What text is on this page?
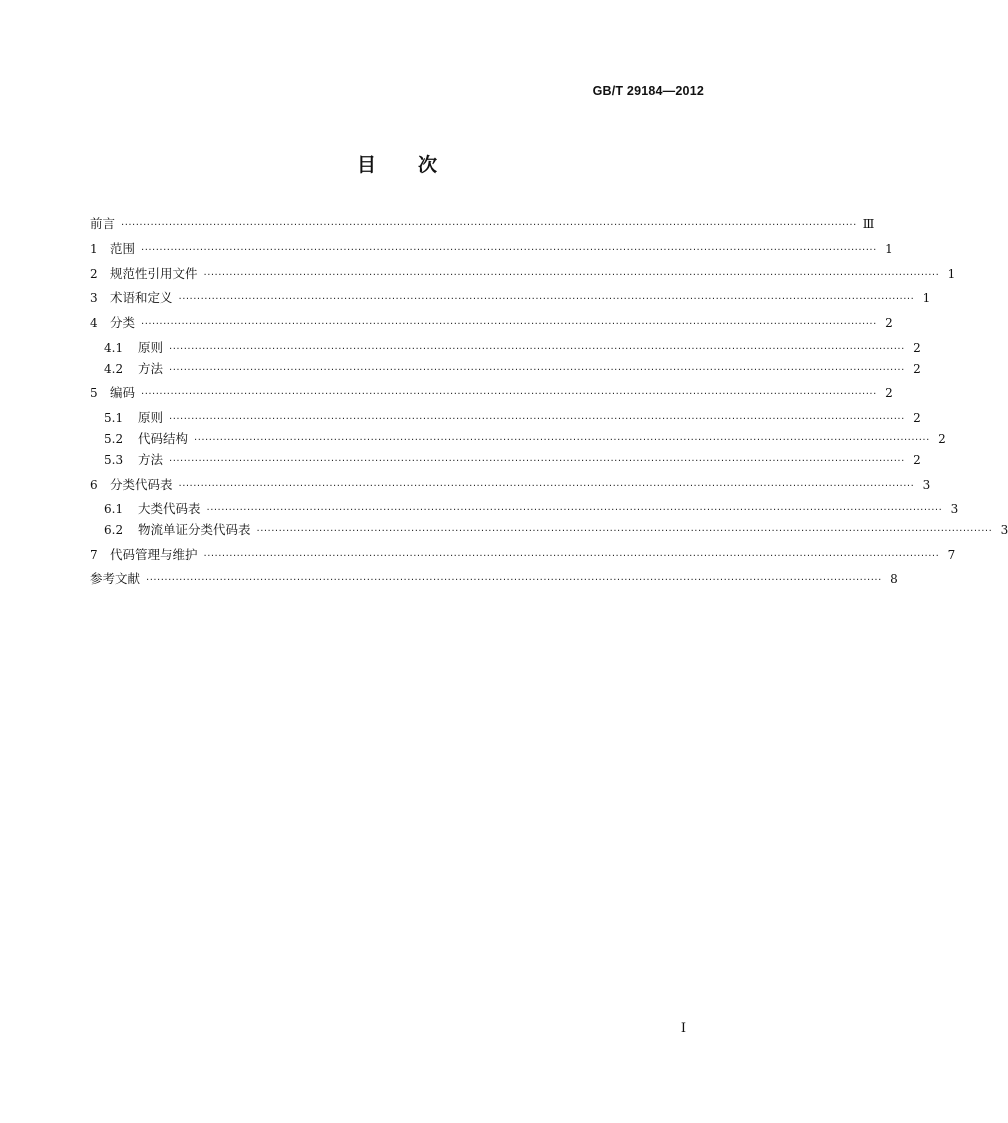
GB/T 29184—2012
目 次
前言 ········································································································································································································ Ⅲ
1 范围 ········································································································································································································ 1
2 规范性引用文件 ········································································································································································································ 1
3 术语和定义 ········································································································································································································ 1
4 分类 ········································································································································································································ 2
4.1	原则 ········································································································································································································ 2
4.2	方法 ········································································································································································································ 2
5 编码 ········································································································································································································ 2
5.1	原则 ········································································································································································································ 2
5.2	代码结构 ········································································································································································································ 2
5.3	方法 ········································································································································································································ 2
6 分类代码表 ········································································································································································································ 3
6.1	大类代码表 ········································································································································································································ 3
6.2	物流单证分类代码表 ········································································································································································································ 3
7 代码管理与维护 ········································································································································································································ 7
参考文献 ········································································································································································································ 8
I
